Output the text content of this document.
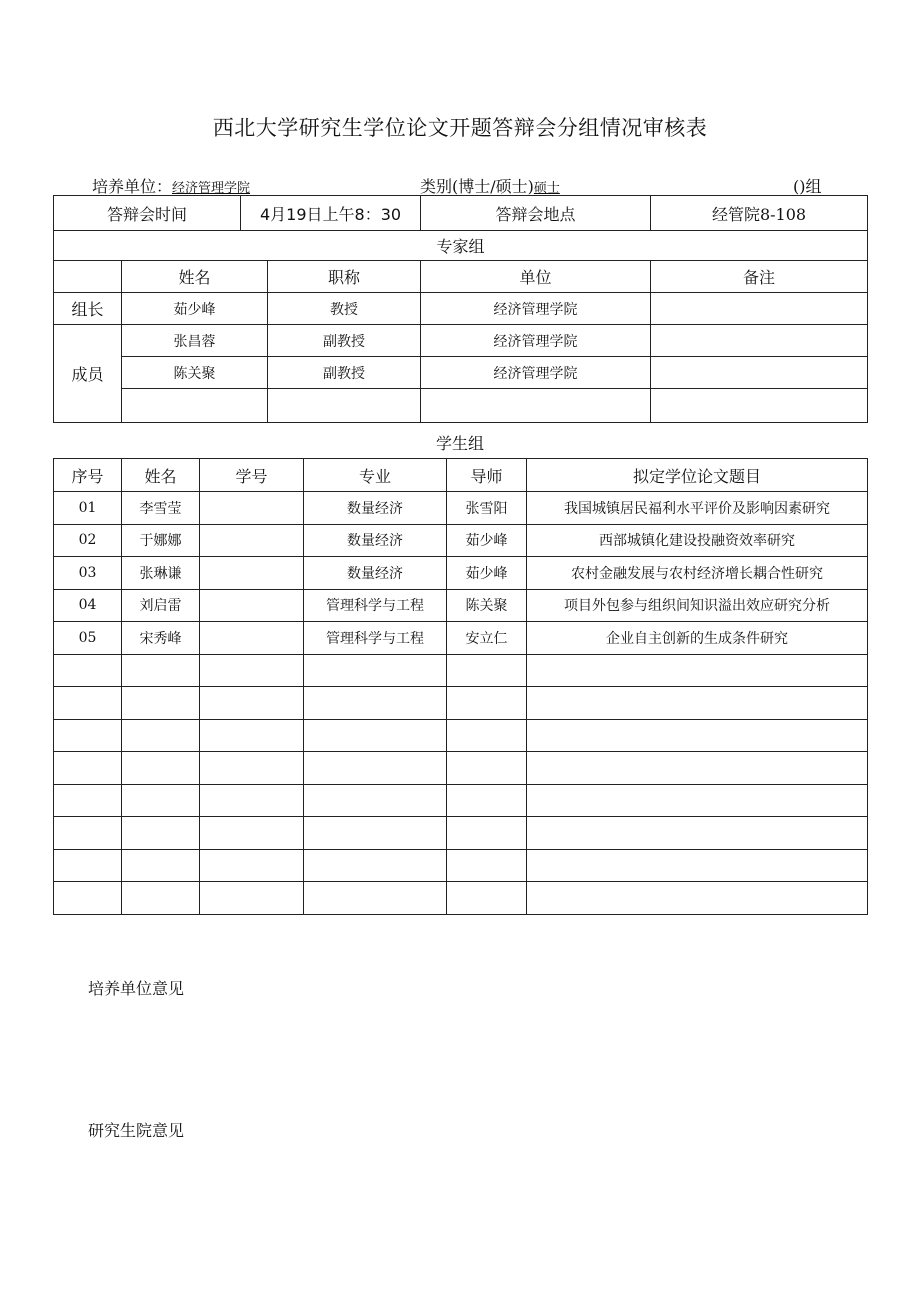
西北大学研究生学位论文开题答辩会分组情况审核表
培养单位：经济管理学院	类别(博士/硕士)硕士	()组
答辩会时间		4月19日上午8：30		答辩会地点	经管院8-108
专家组					
	姓名		职称	单位	备注
组长	茹少峰		教授	经济管理学院	
成员	张昌蓉		副教授	经济管理学院	
	陈关聚		副教授	经济管理学院	

学生组
序号	姓名	学号	专业	导师	拟定学位论文题目
01	李雪莹		数量经济	张雪阳	我国城镇居民福利水平评价及影响因素研究
02	于娜娜		数量经济	茹少峰	西部城镇化建设投融资效率研究
03	张琳谦		数量经济	茹少峰	农村金融发展与农村经济增长耦合性研究
04	刘启雷		管理科学与工程	陈关聚	项目外包参与组织间知识溢出效应研究分析
05	宋秀峰		管理科学与工程	安立仁	企业自主创新的生成条件研究

培养单位意见
研究生院意见
